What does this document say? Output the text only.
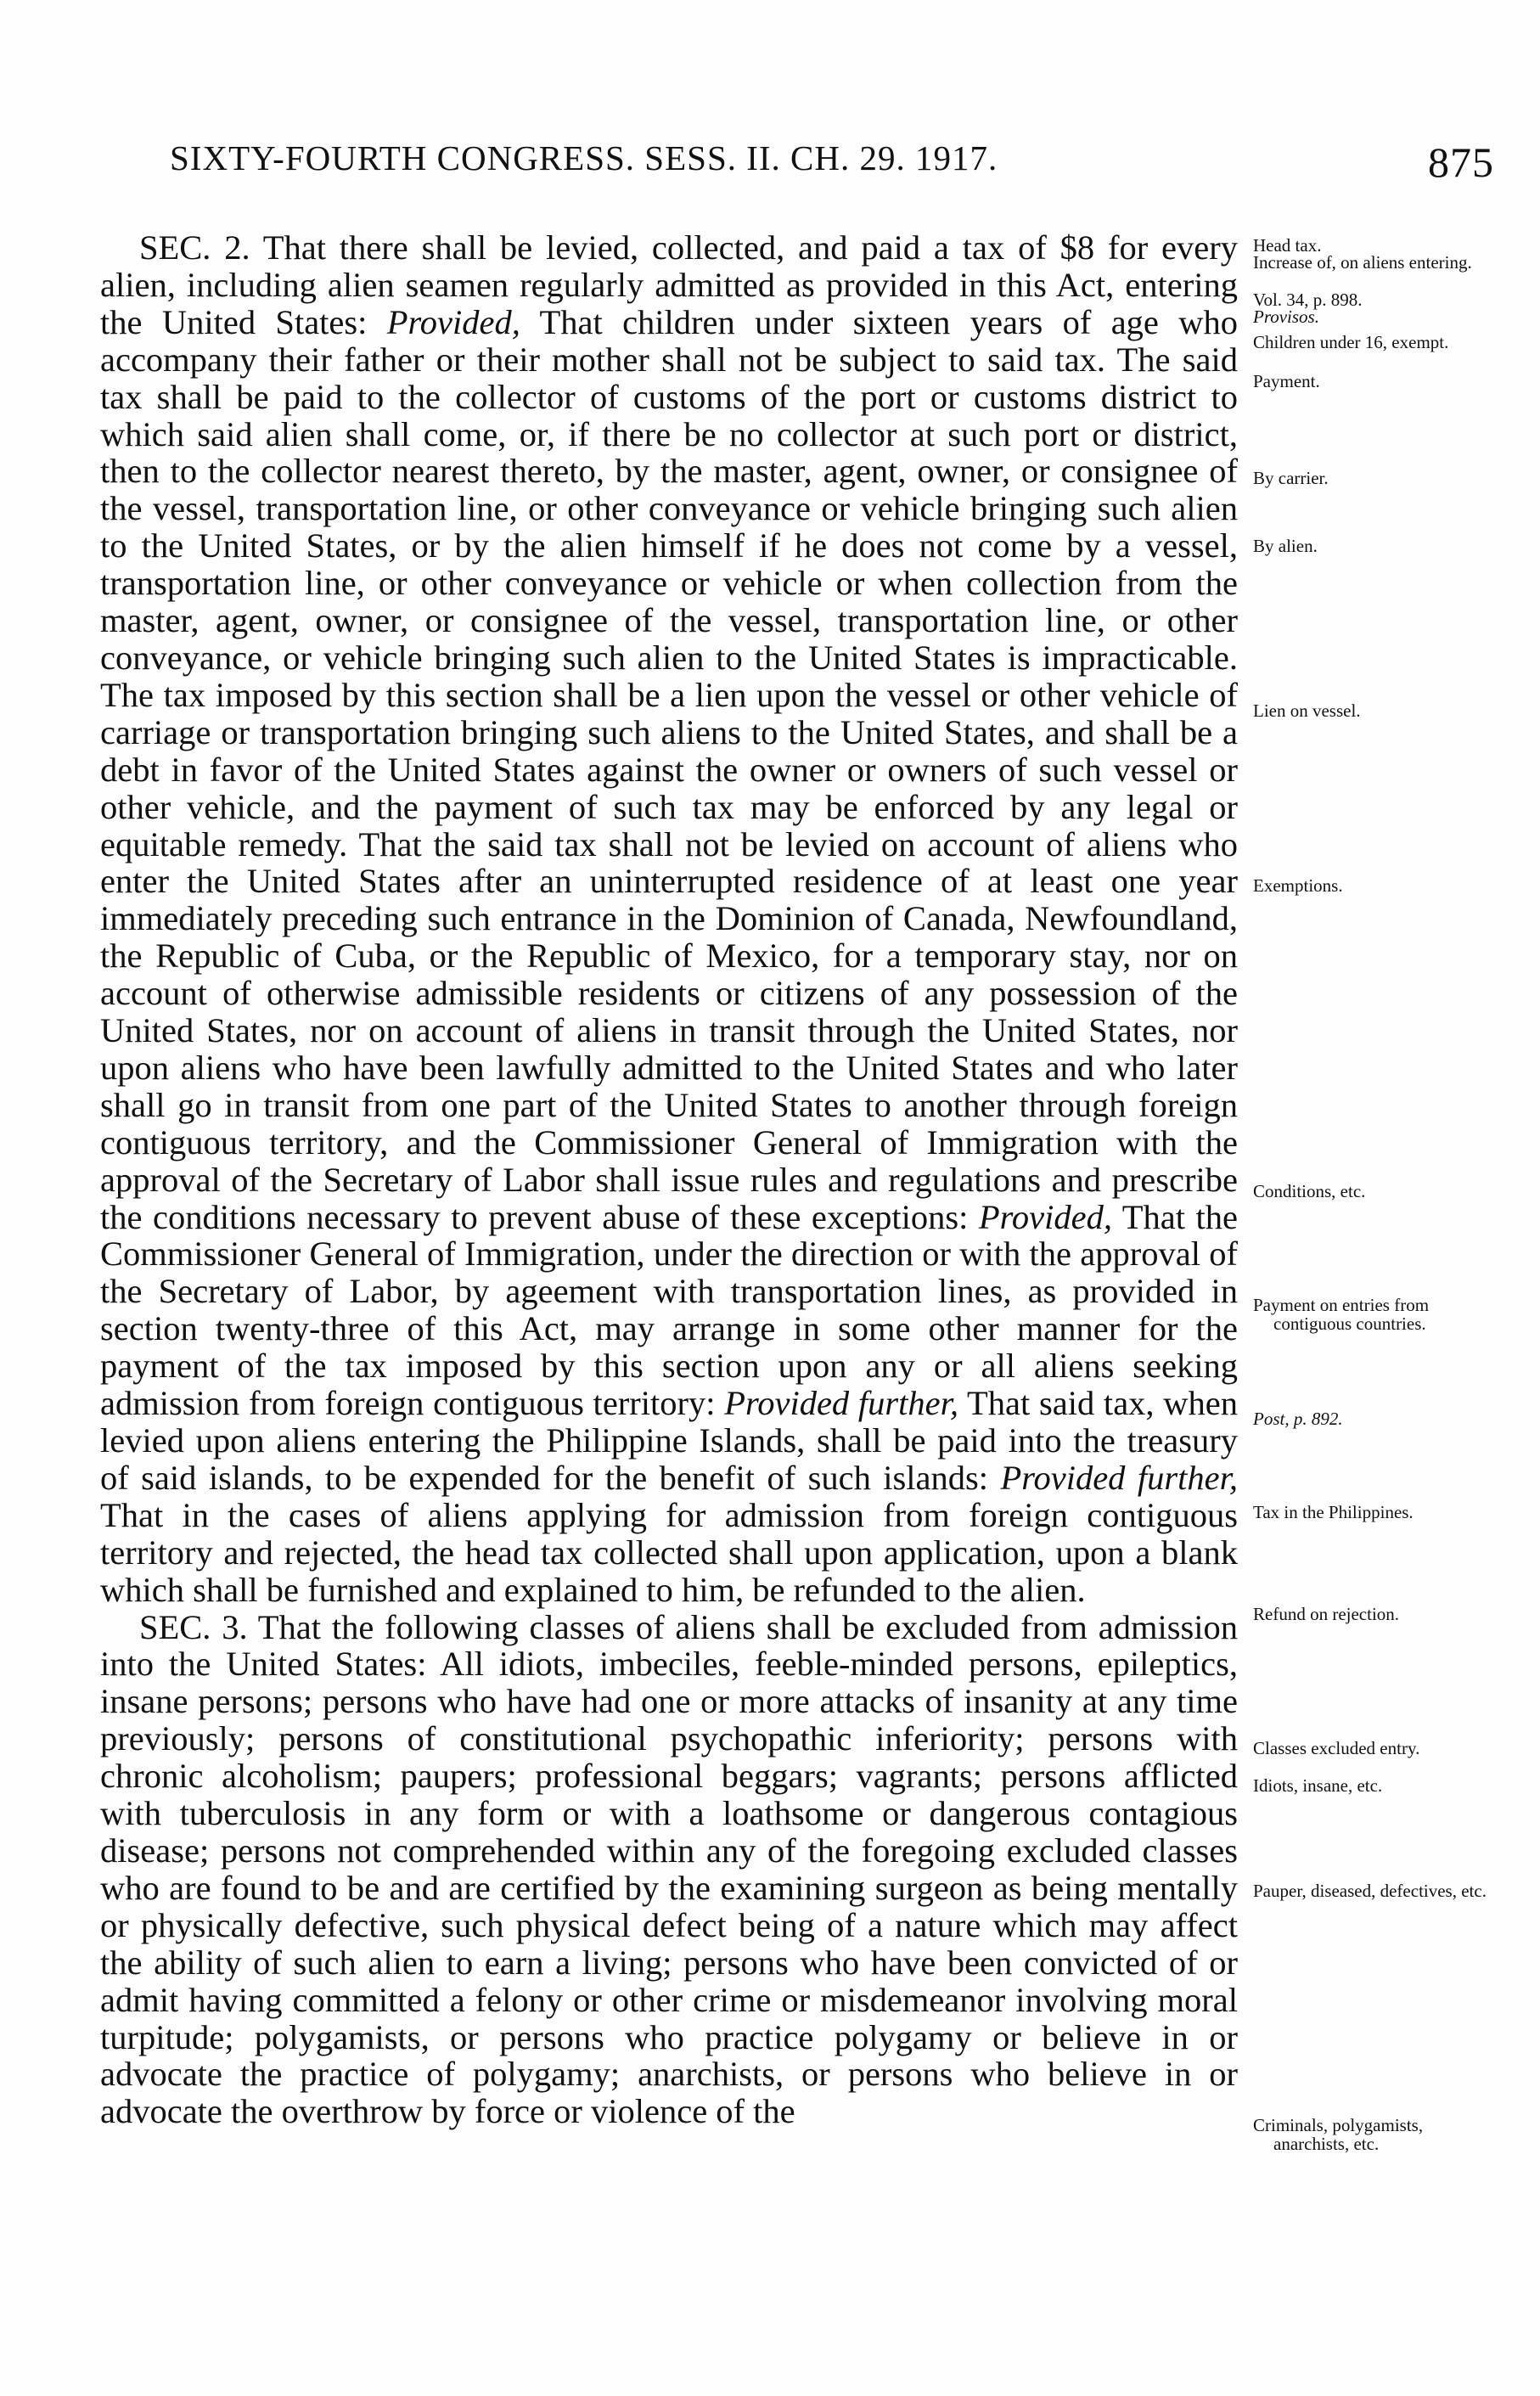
SIXTY-FOURTH CONGRESS. SESS. II. CH. 29. 1917.	875

SEC. 2. That there shall be levied, collected, and paid a tax of $8 for every alien, including alien seamen regularly admitted as provided in this Act, entering the United States: Provided, That children under sixteen years of age who accompany their father or their mother shall not be subject to said tax. The said tax shall be paid to the collector of customs of the port or customs district to which said alien shall come, or, if there be no collector at such port or district, then to the collector nearest thereto, by the master, agent, owner, or consignee of the vessel, transportation line, or other conveyance or vehicle bringing such alien to the United States, or by the alien himself if he does not come by a vessel, transportation line, or other conveyance or vehicle or when collection from the master, agent, owner, or consignee of the vessel, transportation line, or other conveyance, or vehicle bringing such alien to the United States is impracticable. The tax imposed by this section shall be a lien upon the vessel or other vehicle of carriage or transportation bringing such aliens to the United States, and shall be a debt in favor of the United States against the owner or owners of such vessel or other vehicle, and the payment of such tax may be enforced by any legal or equitable remedy. That the said tax shall not be levied on account of aliens who enter the United States after an uninterrupted residence of at least one year immediately preceding such entrance in the Dominion of Canada, Newfoundland, the Republic of Cuba, or the Republic of Mexico, for a temporary stay, nor on account of otherwise admissible residents or citizens of any possession of the United States, nor on account of aliens in transit through the United States, nor upon aliens who have been lawfully admitted to the United States and who later shall go in transit from one part of the United States to another through foreign contiguous territory, and the Commissioner General of Immigration with the approval of the Secretary of Labor shall issue rules and regulations and prescribe the conditions necessary to prevent abuse of these exceptions: Provided, That the Commissioner General of Immigration, under the direction or with the approval of the Secretary of Labor, by ageement with transportation lines, as provided in section twenty-three of this Act, may arrange in some other manner for the payment of the tax imposed by this section upon any or all aliens seeking admission from foreign contiguous territory: Provided further, That said tax, when levied upon aliens entering the Philippine Islands, shall be paid into the treasury of said islands, to be expended for the benefit of such islands: Provided further, That in the cases of aliens applying for admission from foreign contiguous territory and rejected, the head tax collected shall upon application, upon a blank which shall be furnished and explained to him, be refunded to the alien.

SEC. 3. That the following classes of aliens shall be excluded from admission into the United States: All idiots, imbeciles, feeble-minded persons, epileptics, insane persons; persons who have had one or more attacks of insanity at any time previously; persons of constitutional psychopathic inferiority; persons with chronic alcoholism; paupers; professional beggars; vagrants; persons afflicted with tuberculosis in any form or with a loathsome or dangerous contagious disease; persons not comprehended within any of the foregoing excluded classes who are found to be and are certified by the examining surgeon as being mentally or physically defective, such physical defect being of a nature which may affect the ability of such alien to earn a living; persons who have been convicted of or admit having committed a felony or other crime or misdemeanor involving moral turpitude; polygamists, or persons who practice polygamy or believe in or advocate the practice of polygamy; anarchists, or persons who believe in or advocate the overthrow by force or violence of the

Head tax.
Increase of, on aliens entering.
Vol. 34, p. 898.
Provisos.
Children under 16, exempt.
Payment.
By carrier.
By alien.
Lien on vessel.
Exemptions.
Conditions, etc.
Payment on entries from contiguous countries.
Post, p. 892.
Tax in the Philippines.
Refund on rejection.
Classes excluded entry.
Idiots, insane, etc.
Pauper, diseased, defectives, etc.
Criminals, polygamists, anarchists, etc.
